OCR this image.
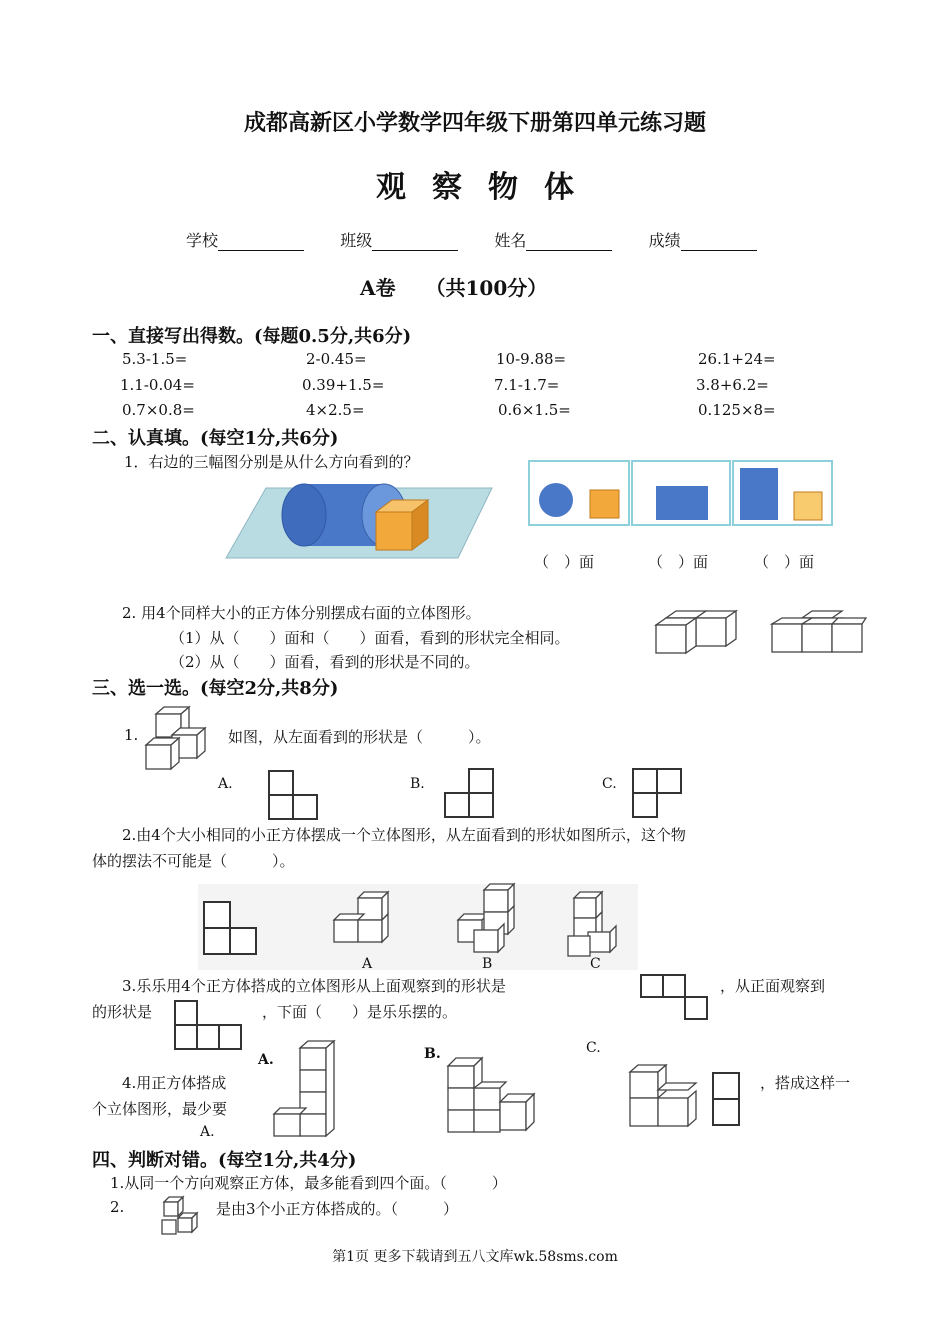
成都高新区小学数学四年级下册第四单元练习题
观察物体
学校	班级	姓名	成绩
A卷　　（共100分）
一、直接写出得数。(每题0.5分,共6分)
5.3-1.5=	2-0.45=	10-9.88=	26.1+24=
1.1-0.04=	0.39+1.5=	7.1-1.7=	3.8+6.2=
0.7×0.8=	4×2.5=	0.6×1.5=	0.125×8=
二、认真填。(每空1分,共6分)
1．右边的三幅图分别是从什么方向看到的？
（　）面	（　）面	（　）面
2. 用4个同样大小的正方体分别摆成右面的立体图形。
（1）从（　　）面和（　　）面看，看到的形状完全相同。
（2）从（　　）面看，看到的形状是不同的。
三、选一选。(每空2分,共8分)
1.	如图，从左面看到的形状是（　　　）。
A.	B.	C.
2.由4个大小相同的小正方体摆成一个立体图形，从左面看到的形状如图所示，这个物
体的摆法不可能是（　　　）。
A	B	C
3.乐乐用4个正方体搭成的立体图形从上面观察到的形状是	，从正面观察到
的形状是	，下面（　　）是乐乐摆的。
A.	B.	C.
4.用正方体搭成	，搭成这样一
个立体图形，最少要
A.
四、判断对错。(每空1分,共4分)
1.从同一个方向观察正方体，最多能看到四个面。（　　　）
2.	是由3个小正方体搭成的。（　　　）
第1页 更多下载请到五八文库wk.58sms.com
